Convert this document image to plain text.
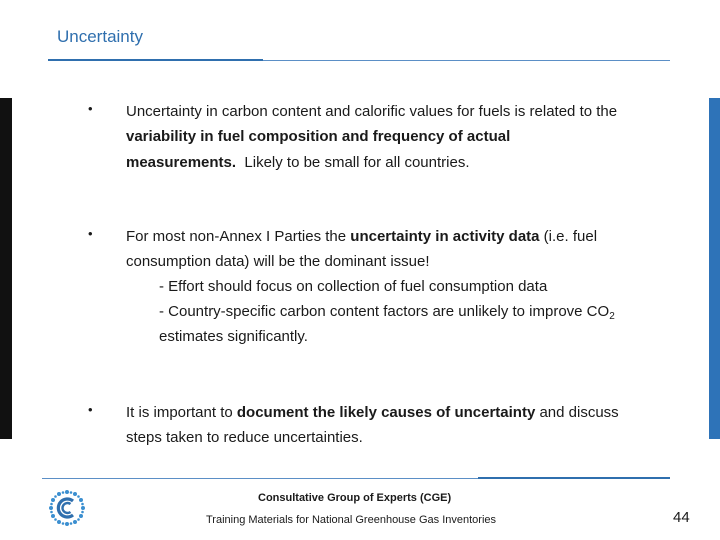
Uncertainty
• Uncertainty in carbon content and calorific values for fuels is related to the
variability in fuel composition and frequency of actual
measurements.  Likely to be small for all countries.
• For most non-Annex I Parties the uncertainty in activity data (i.e. fuel
consumption data) will be the dominant issue!
- Effort should focus on collection of fuel consumption data
- Country-specific carbon content factors are unlikely to improve $CO_2$
estimates significantly.
• It is important to document the likely causes of uncertainty and discuss
steps taken to reduce uncertainties.
Consultative Group of Experts (CGE)
Training Materials for National Greenhouse Gas Inventories	44
